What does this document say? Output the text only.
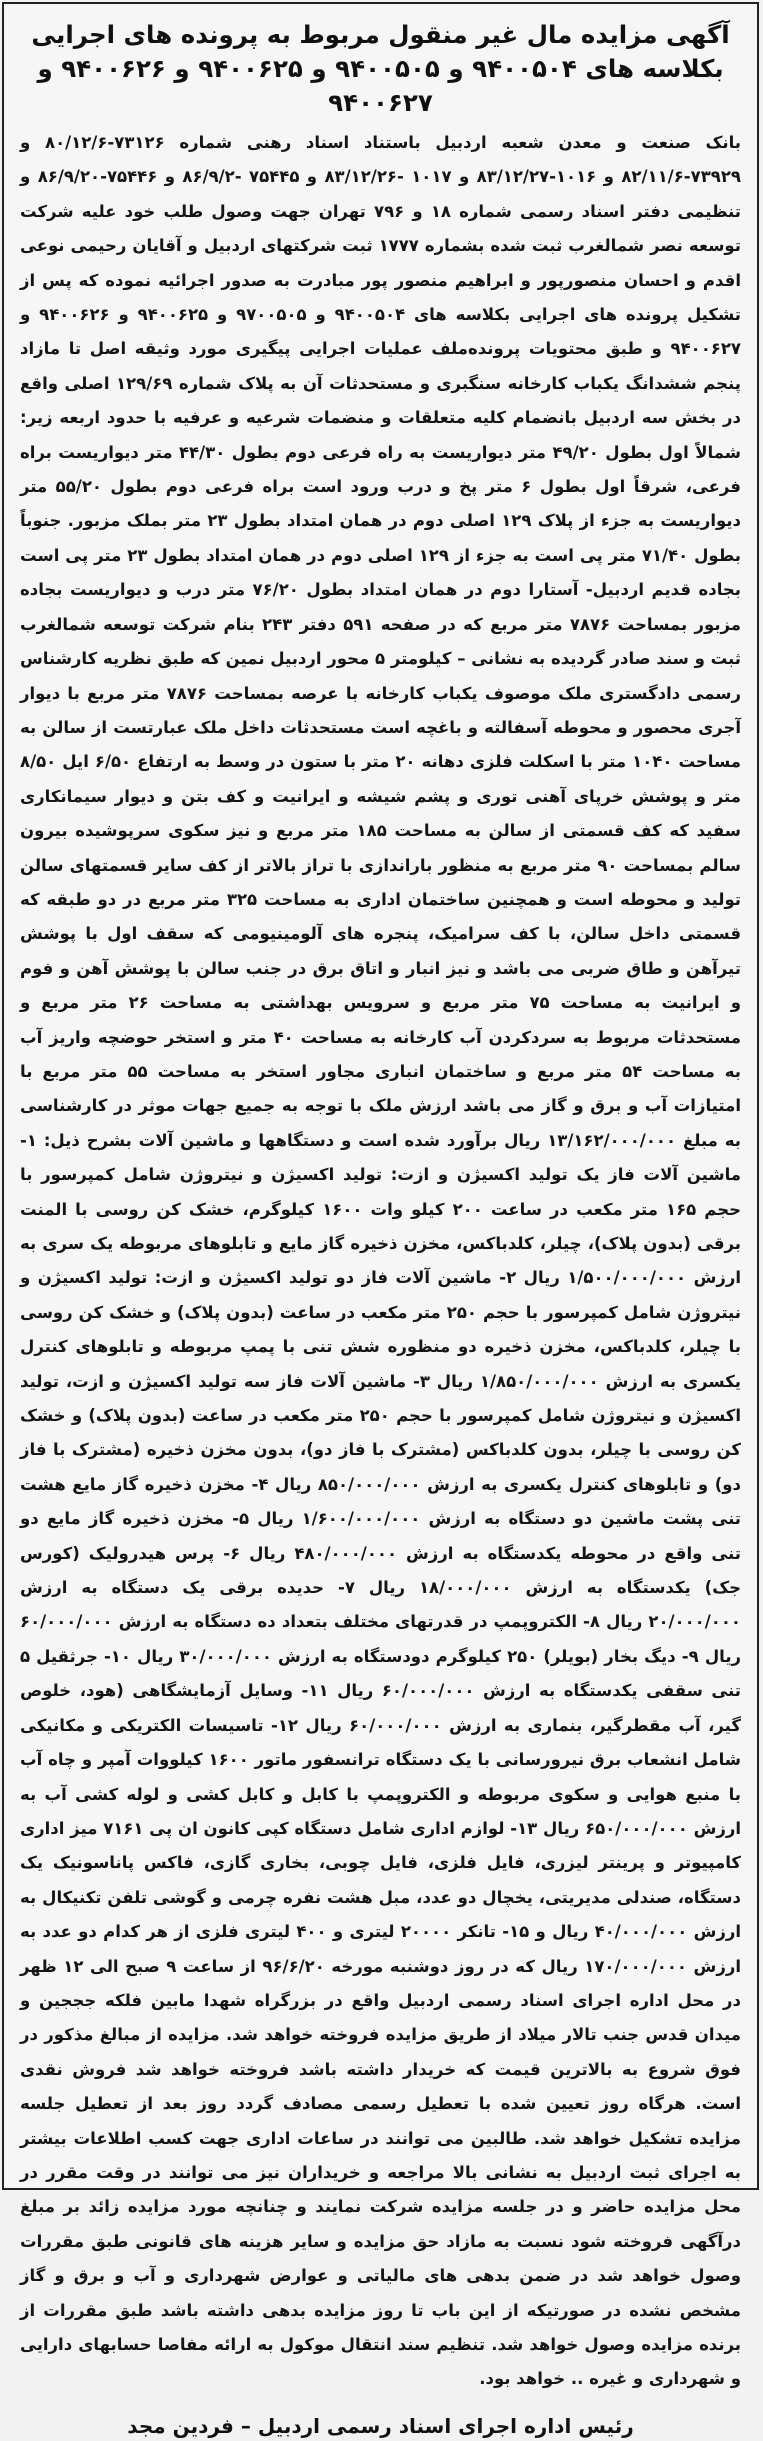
آگهی مزایده مال غیر منقول مربوط به پرونده های اجرایی بکلاسه های ۹۴۰۰۵۰۴ و ۹۴۰۰۵۰۵ و ۹۴۰۰۶۲۵ و ۹۴۰۰۶۲۶ و ۹۴۰۰۶۲۷

بانک صنعت و معدن شعبه اردبیل باستناد اسناد رهنی شماره ۷۳۱۲۶-۸۰/۱۲/۶ و ۷۳۹۲۹-۸۲/۱۱/۶ و ۱۰۱۶-۸۳/۱۲/۲۷ و ۱۰۱۷ -۸۳/۱۲/۲۶ و ۷۵۴۴۵ -۸۶/۹/۲ و ۷۵۴۴۶-۸۶/۹/۲۰ و تنظیمی دفتر اسناد رسمی شماره ۱۸ و ۷۹۶ تهران جهت وصول طلب خود علیه شرکت توسعه نصر شمالغرب ثبت شده بشماره ۱۷۷۷ ثبت شرکتهای اردبیل و آقایان رحیمی نوعی اقدم و احسان منصورپور و ابراهیم منصور پور مبادرت به صدور اجرائیه نموده که پس از تشکیل پرونده های اجرایی بکلاسه های ۹۴۰۰۵۰۴ و ۹۷۰۰۵۰۵ و ۹۴۰۰۶۲۵ و ۹۴۰۰۶۲۶ و ۹۴۰۰۶۲۷ و طبق محتویات پرونده‌ملف عملیات اجرایی پیگیری مورد وثیقه اصل تا مازاد پنجم ششدانگ یکباب کارخانه سنگبری و مستحدثات آن به پلاک شماره ۱۲۹/۶۹ اصلی واقع در بخش سه اردبیل بانضمام کلیه متعلقات و منضمات شرعیه و عرفیه با حدود اربعه زیر: شمالاً اول بطول ۴۹/۲۰ متر دیواریست به راه فرعی دوم بطول ۴۴/۳۰ متر دیواریست براه فرعی، شرقاً اول بطول ۶ متر پخ و درب ورود است براه فرعی دوم بطول ۵۵/۲۰ متر دیواریست به جزء از پلاک ۱۲۹ اصلی دوم در همان امتداد بطول ۲۳ متر بملک مزبور. جنوباً بطول ۷۱/۴۰ متر پی است به جزء از ۱۲۹ اصلی دوم در همان امتداد بطول ۲۳ متر پی است بجاده قدیم اردبیل- آستارا دوم در همان امتداد بطول ۷۶/۲۰ متر درب و دیواریست بجاده مزبور بمساحت ۷۸۷۶ متر مربع که در صفحه ۵۹۱ دفتر ۲۴۳ بنام شرکت توسعه شمالغرب ثبت و سند صادر گردیده به نشانی – کیلومتر ۵ محور اردبیل نمین که طبق نظریه کارشناس رسمی دادگستری ملک موصوف یکباب کارخانه با عرصه بمساحت ۷۸۷۶ متر مربع با دیوار آجری محصور و محوطه آسفالته و باغچه است مستحدثات داخل ملک عبارتست از سالن به مساحت ۱۰۴۰ متر با اسکلت فلزی دهانه ۲۰ متر با ستون در وسط به ارتفاع ۶/۵۰ ایل ۸/۵۰ متر و پوشش خرپای آهنی توری و پشم شیشه و ایرانیت و کف بتن و دیوار سیمانکاری سفید که کف قسمتی از سالن به مساحت ۱۸۵ متر مربع و نیز سکوی سرپوشیده بیرون سالم بمساحت ۹۰ متر مربع به منظور باراندازی با تراز بالاتر از کف سایر قسمتهای سالن تولید و محوطه است و همچنین ساختمان اداری به مساحت ۳۲۵ متر مربع در دو طبقه که قسمتی داخل سالن، با کف سرامیک، پنجره های آلومینیومی که سقف اول با پوشش تیرآهن و طاق ضربی می باشد و نیز انبار و اتاق برق در جنب سالن با پوشش آهن و فوم و ایرانیت به مساحت ۷۵ متر مربع و سرویس بهداشتی به مساحت ۲۶ متر مربع و مستحدثات مربوط به سردکردن آب کارخانه به مساحت ۴۰ متر و استخر حوضچه واریز آب به مساحت ۵۴ متر مربع و ساختمان انباری مجاور استخر به مساحت ۵۵ متر مربع با امتیازات آب و برق و گاز می باشد ارزش ملک با توجه به جمیع جهات موثر در کارشناسی به مبلغ ۱۳/۱۶۲/۰۰۰/۰۰۰ ریال برآورد شده است و دستگاهها و ماشین آلات بشرح ذیل: ۱- ماشین آلات فاز یک تولید اکسیژن و ازت: تولید اکسیژن و نیتروژن شامل کمپرسور با حجم ۱۶۵ متر مکعب در ساعت ۲۰۰ کیلو وات ۱۶۰۰ کیلوگرم، خشک کن روسی با المنت برقی (بدون پلاک)، چیلر، کلدباکس، مخزن ذخیره گاز مایع و تابلوهای مربوطه یک سری به ارزش ۱/۵۰۰/۰۰۰/۰۰۰ ریال ۲- ماشین آلات فاز دو تولید اکسیژن و ازت: تولید اکسیژن و نیتروژن شامل کمپرسور با حجم ۲۵۰ متر مکعب در ساعت (بدون پلاک) و خشک کن روسی با چیلر، کلدباکس، مخزن ذخیره دو منظوره شش تنی با پمپ مربوطه و تابلوهای کنترل یکسری به ارزش ۱/۸۵۰/۰۰۰/۰۰۰ ریال ۳- ماشین آلات فاز سه تولید اکسیژن و ازت، تولید اکسیژن و نیتروژن شامل کمپرسور با حجم ۲۵۰ متر مکعب در ساعت (بدون پلاک) و خشک کن روسی با چیلر، بدون کلدباکس (مشترک با فاز دو)، بدون مخزن ذخیره (مشترک با فاز دو) و تابلوهای کنترل یکسری به ارزش ۸۵۰/۰۰۰/۰۰۰ ریال ۴- مخزن ذخیره گاز مایع هشت تنی پشت ماشین دو دستگاه به ارزش ۱/۶۰۰/۰۰۰/۰۰۰ ریال ۵- مخزن ذخیره گاز مایع دو تنی واقع در محوطه یکدستگاه به ارزش ۴۸۰/۰۰۰/۰۰۰ ریال ۶- پرس هیدرولیک (کورس جک) یکدستگاه به ارزش ۱۸/۰۰۰/۰۰۰ ریال ۷- حدیده برقی یک دستگاه به ارزش ۲۰/۰۰۰/۰۰۰ ریال ۸- الکتروپمپ در قدرتهای مختلف بتعداد ده دستگاه به ارزش ۶۰/۰۰۰/۰۰۰ ریال ۹- دیگ بخار (بویلر) ۲۵۰ کیلوگرم دودستگاه به ارزش ۳۰/۰۰۰/۰۰۰ ریال ۱۰- جرثقیل ۵ تنی سقفی یکدستگاه به ارزش ۶۰/۰۰۰/۰۰۰ ریال ۱۱- وسایل آزمایشگاهی (هود، خلوص گیر، آب مقطرگیر، بنماری به ارزش ۶۰/۰۰۰/۰۰۰ ریال ۱۲- تاسیسات الکتریکی و مکانیکی شامل انشعاب برق نیرورسانی با یک دستگاه ترانسفور ماتور ۱۶۰۰ کیلووات آمپر و چاه آب با منبع هوایی و سکوی مربوطه و الکتروپمپ با کابل و کابل کشی و لوله کشی آب به ارزش ۶۵۰/۰۰۰/۰۰۰ ریال ۱۳- لوازم اداری شامل دستگاه کپی کانون ان پی ۷۱۶۱ میز اداری کامپیوتر و پرینتر لیزری، فایل فلزی، فایل چوبی، بخاری گازی، فاکس پاناسونیک یک دستگاه، صندلی مدیریتی، یخچال دو عدد، مبل هشت نفره چرمی و گوشی تلفن تکنیکال به ارزش ۴۰/۰۰۰/۰۰۰ ریال و ۱۵- تانکر ۲۰۰۰۰ لیتری و ۴۰۰ لیتری فلزی از هر کدام دو عدد به ارزش ۱۷۰/۰۰۰/۰۰۰ ریال که در روز دوشنبه مورخه ۹۶/۶/۲۰ از ساعت ۹ صبح الی ۱۲ ظهر در محل اداره اجرای اسناد رسمی اردبیل واقع در بزرگراه شهدا مابین فلکه جججین و میدان قدس جنب تالار میلاد از طریق مزایده فروخته خواهد شد. مزایده از مبالغ مذکور در فوق شروع به بالاترین قیمت که خریدار داشته باشد فروخته خواهد شد فروش نقدی است. هرگاه روز تعیین شده با تعطیل رسمی مصادف گردد روز بعد از تعطیل جلسه مزایده تشکیل خواهد شد. طالبین می توانند در ساعات اداری جهت کسب اطلاعات بیشتر به اجرای ثبت اردبیل به نشانی بالا مراجعه و خریداران نیز می توانند در وقت مقرر در محل مزایده حاضر و در جلسه مزایده شرکت نمایند و چنانچه مورد مزایده زائد بر مبلغ درآگهی فروخته شود نسبت به مازاد حق مزایده و سایر هزینه های قانونی طبق مقررات وصول خواهد شد در ضمن بدهی های مالیاتی و عوارض شهرداری و آب و برق و گاز مشخص نشده در صورتیکه از این باب تا روز مزایده بدهی داشته باشد طبق مقررات از برنده مزایده وصول خواهد شد. تنظیم سند انتقال موکول به ارائه مفاصا حسابهای دارایی و شهرداری و غیره .. خواهد بود.

رئیس اداره اجرای اسناد رسمی اردبیل – فردین مجد
